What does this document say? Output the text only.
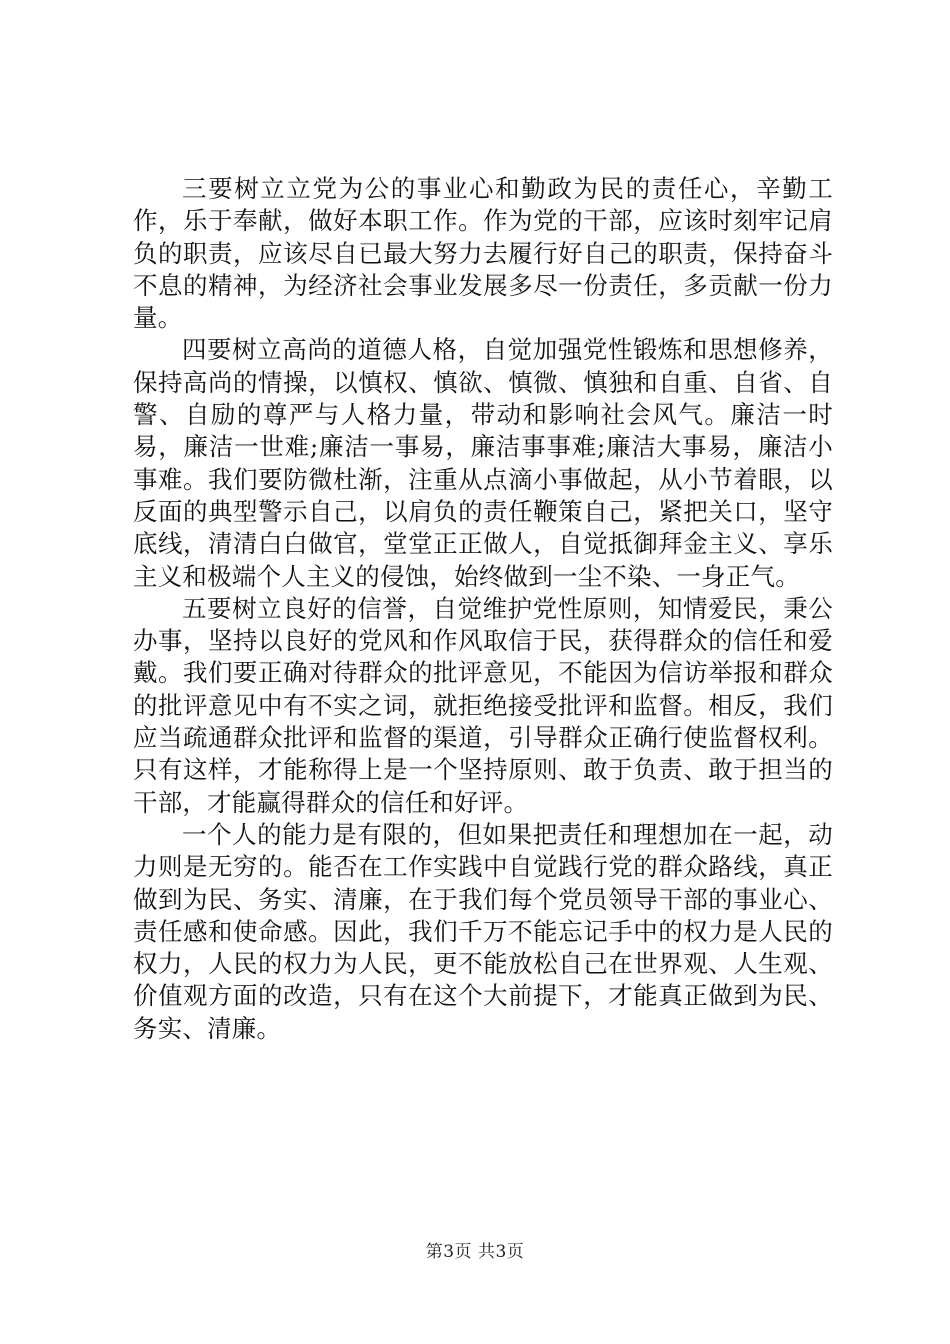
三要树立立党为公的事业心和勤政为民的责任心，辛勤工作，乐于奉献，做好本职工作。作为党的干部，应该时刻牢记肩负的职责，应该尽自已最大努力去履行好自己的职责，保持奋斗不息的精神，为经济社会事业发展多尽一份责任，多贡献一份力量。

四要树立高尚的道德人格，自觉加强党性锻炼和思想修养，保持高尚的情操，以慎权、慎欲、慎微、慎独和自重、自省、自警、自励的尊严与人格力量，带动和影响社会风气。廉洁一时易，廉洁一世难;廉洁一事易，廉洁事事难;廉洁大事易，廉洁小事难。我们要防微杜渐，注重从点滴小事做起，从小节着眼，以反面的典型警示自己，以肩负的责任鞭策自己，紧把关口，坚守底线，清清白白做官，堂堂正正做人，自觉抵御拜金主义、享乐主义和极端个人主义的侵蚀，始终做到一尘不染、一身正气。

五要树立良好的信誉，自觉维护党性原则，知情爱民，秉公办事，坚持以良好的党风和作风取信于民，获得群众的信任和爱戴。我们要正确对待群众的批评意见，不能因为信访举报和群众的批评意见中有不实之词，就拒绝接受批评和监督。相反，我们应当疏通群众批评和监督的渠道，引导群众正确行使监督权利。只有这样，才能称得上是一个坚持原则、敢于负责、敢于担当的干部，才能赢得群众的信任和好评。

一个人的能力是有限的，但如果把责任和理想加在一起，动力则是无穷的。能否在工作实践中自觉践行党的群众路线，真正做到为民、务实、清廉，在于我们每个党员领导干部的事业心、责任感和使命感。因此，我们千万不能忘记手中的权力是人民的权力，人民的权力为人民，更不能放松自己在世界观、人生观、价值观方面的改造，只有在这个大前提下，才能真正做到为民、务实、清廉。

第3页 共3页
